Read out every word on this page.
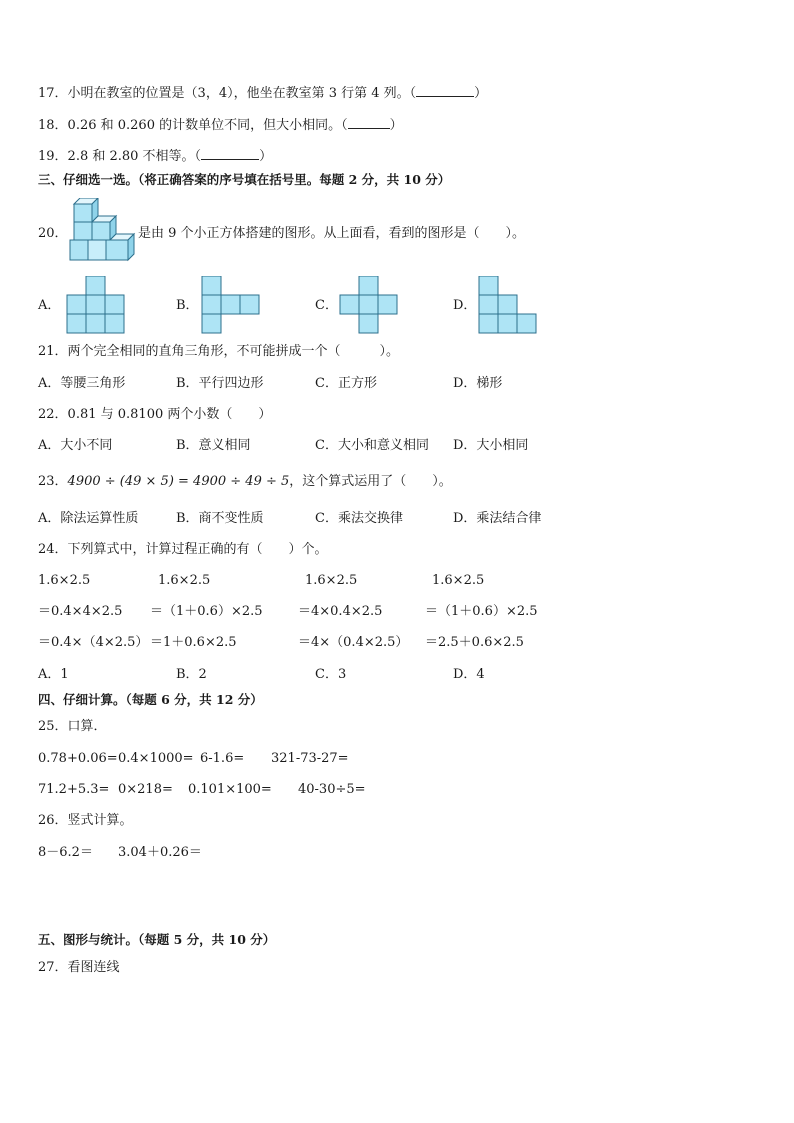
17．小明在教室的位置是（3，4），他坐在教室第 3 行第 4 列。（	）
18．0.26 和 0.260 的计数单位不同，但大小相同。（	）
19．2.8 和 2.80 不相等。（	）
三、仔细选一选。（将正确答案的序号填在括号里。每题 2 分，共 10 分）
20．	是由 9 个小正方体搭建的图形。从上面看，看到的图形是（　　）。
A．	B．	C．	D．
21．两个完全相同的直角三角形，不可能拼成一个（　　　）。
A．等腰三角形	B．平行四边形	C．正方形	D．梯形
22．0.81 与 0.8100 两个小数（　　）
A．大小不同	B．意义相同	C．大小和意义相同 D．大小相同
23．4900 ÷ (49 × 5) = 4900 ÷ 49 ÷ 5，这个算式运用了（　　）。
A．除法运算性质	B．商不变性质	C．乘法交换律	D．乘法结合律
24．下列算式中，计算过程正确的有（　　）个。
1.6×2.5	1.6×2.5	1.6×2.5	1.6×2.5
＝0.4×4×2.5 ＝（1＋0.6）×2.5	＝4×0.4×2.5	＝（1＋0.6）×2.5
＝0.4×（4×2.5） ＝1＋0.6×2.5	＝4×（0.4×2.5） ＝2.5＋0.6×2.5
A．1	B．2	C．3	D．4
四、仔细计算。（每题 6 分，共 12 分）
25．口算．
0.78+0.06= 0.4×1000= 6-1.6= 321-73-27=
71.2+5.3= 0×218= 0.101×100= 40-30÷5=
26．竖式计算。
8－6.2＝ 3.04＋0.26＝
五、图形与统计。（每题 5 分，共 10 分）
27．看图连线
